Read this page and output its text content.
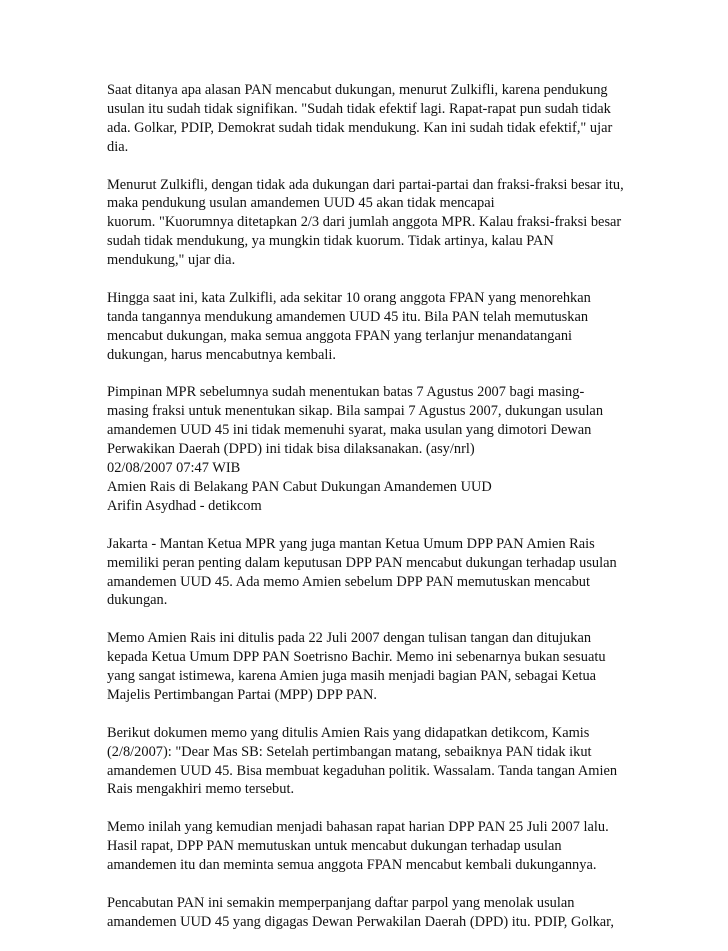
Saat ditanya apa alasan PAN mencabut dukungan, menurut Zulkifli, karena pendukung
usulan itu sudah tidak signifikan. "Sudah tidak efektif lagi. Rapat-rapat pun sudah tidak
ada. Golkar, PDIP, Demokrat sudah tidak mendukung. Kan ini sudah tidak efektif," ujar
dia.
Menurut Zulkifli, dengan tidak ada dukungan dari partai-partai dan fraksi-fraksi besar itu,
maka pendukung usulan amandemen UUD 45 akan tidak mencapai
kuorum. "Kuorumnya ditetapkan 2/3 dari jumlah anggota MPR. Kalau fraksi-fraksi besar
sudah tidak mendukung, ya mungkin tidak kuorum. Tidak artinya, kalau PAN
mendukung," ujar dia.
Hingga saat ini, kata Zulkifli, ada sekitar 10 orang anggota FPAN yang menorehkan
tanda tangannya mendukung amandemen UUD 45 itu. Bila PAN telah memutuskan
mencabut dukungan, maka semua anggota FPAN yang terlanjur menandatangani
dukungan, harus mencabutnya kembali.
Pimpinan MPR sebelumnya sudah menentukan batas 7 Agustus 2007 bagi masing-
masing fraksi untuk menentukan sikap. Bila sampai 7 Agustus 2007, dukungan usulan
amandemen UUD 45 ini tidak memenuhi syarat, maka usulan yang dimotori Dewan
Perwakikan Daerah (DPD) ini tidak bisa dilaksanakan. (asy/nrl)
02/08/2007 07:47 WIB
Amien Rais di Belakang PAN Cabut Dukungan Amandemen UUD
Arifin Asydhad - detikcom
Jakarta - Mantan Ketua MPR yang juga mantan Ketua Umum DPP PAN Amien Rais
memiliki peran penting dalam keputusan DPP PAN mencabut dukungan terhadap usulan
amandemen UUD 45. Ada memo Amien sebelum DPP PAN memutuskan mencabut
dukungan.
Memo Amien Rais ini ditulis pada 22 Juli 2007 dengan tulisan tangan dan ditujukan
kepada Ketua Umum DPP PAN Soetrisno Bachir. Memo ini sebenarnya bukan sesuatu
yang sangat istimewa, karena Amien juga masih menjadi bagian PAN, sebagai Ketua
Majelis Pertimbangan Partai (MPP) DPP PAN.
Berikut dokumen memo yang ditulis Amien Rais yang didapatkan detikcom, Kamis
(2/8/2007): "Dear Mas SB: Setelah pertimbangan matang, sebaiknya PAN tidak ikut
amandemen UUD 45. Bisa membuat kegaduhan politik. Wassalam. Tanda tangan Amien
Rais mengakhiri memo tersebut.
Memo inilah yang kemudian menjadi bahasan rapat harian DPP PAN 25 Juli 2007 lalu.
Hasil rapat, DPP PAN memutuskan untuk mencabut dukungan terhadap usulan
amandemen itu dan meminta semua anggota FPAN mencabut kembali dukungannya.
Pencabutan PAN ini semakin memperpanjang daftar parpol yang menolak usulan
amandemen UUD 45 yang digagas Dewan Perwakilan Daerah (DPD) itu. PDIP, Golkar,
